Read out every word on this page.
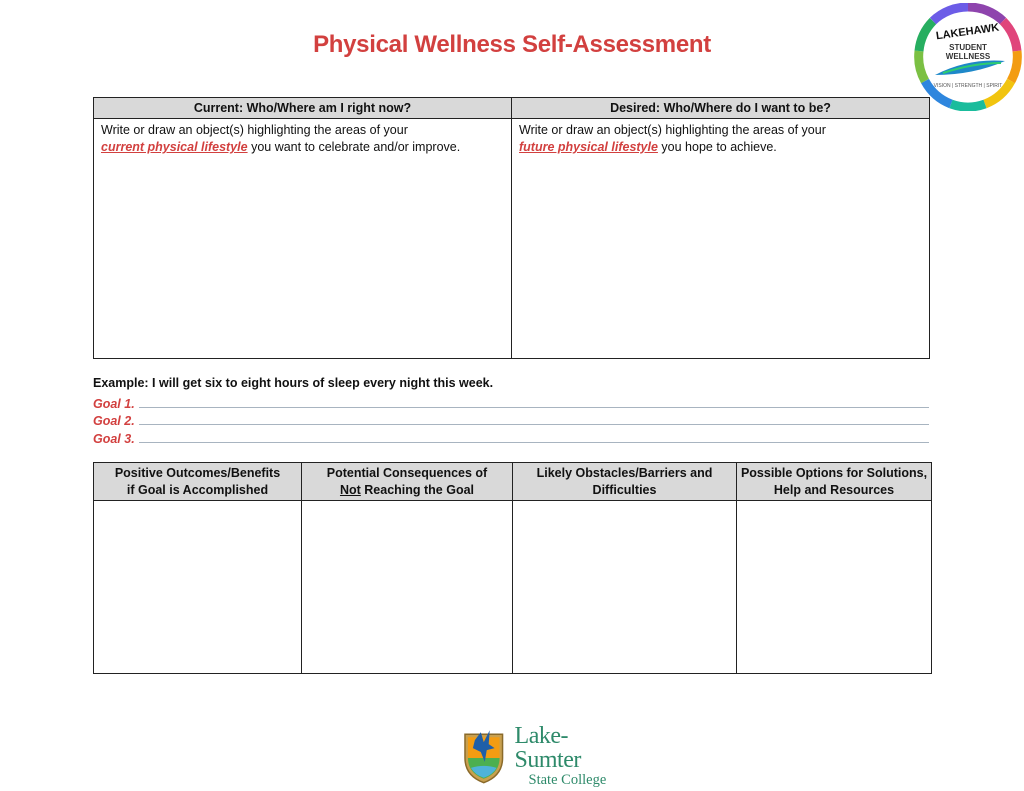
Physical Wellness Self-Assessment	LAKEHAWK
STUDENT
WELLNESS
VISION | STRENGTH | SPIRIT
Current: Who/Where am I right now?	Desired: Who/Where do I want to be?
Write or draw an object(s) highlighting the areas of your
current physical lifestyle you want to celebrate and/or improve.	Write or draw an object(s) highlighting the areas of your
future physical lifestyle you hope to achieve.
Example: I will get six to eight hours of sleep every night this week.
Goal 1.
Goal 2.
Goal 3.
Positive Outcomes/Benefits
if Goal is Accomplished	Potential Consequences of
Not Reaching the Goal	Likely Obstacles/Barriers and
Difficulties	Possible Options for Solutions,
Help and Resources

Lake-Sumter
State College
